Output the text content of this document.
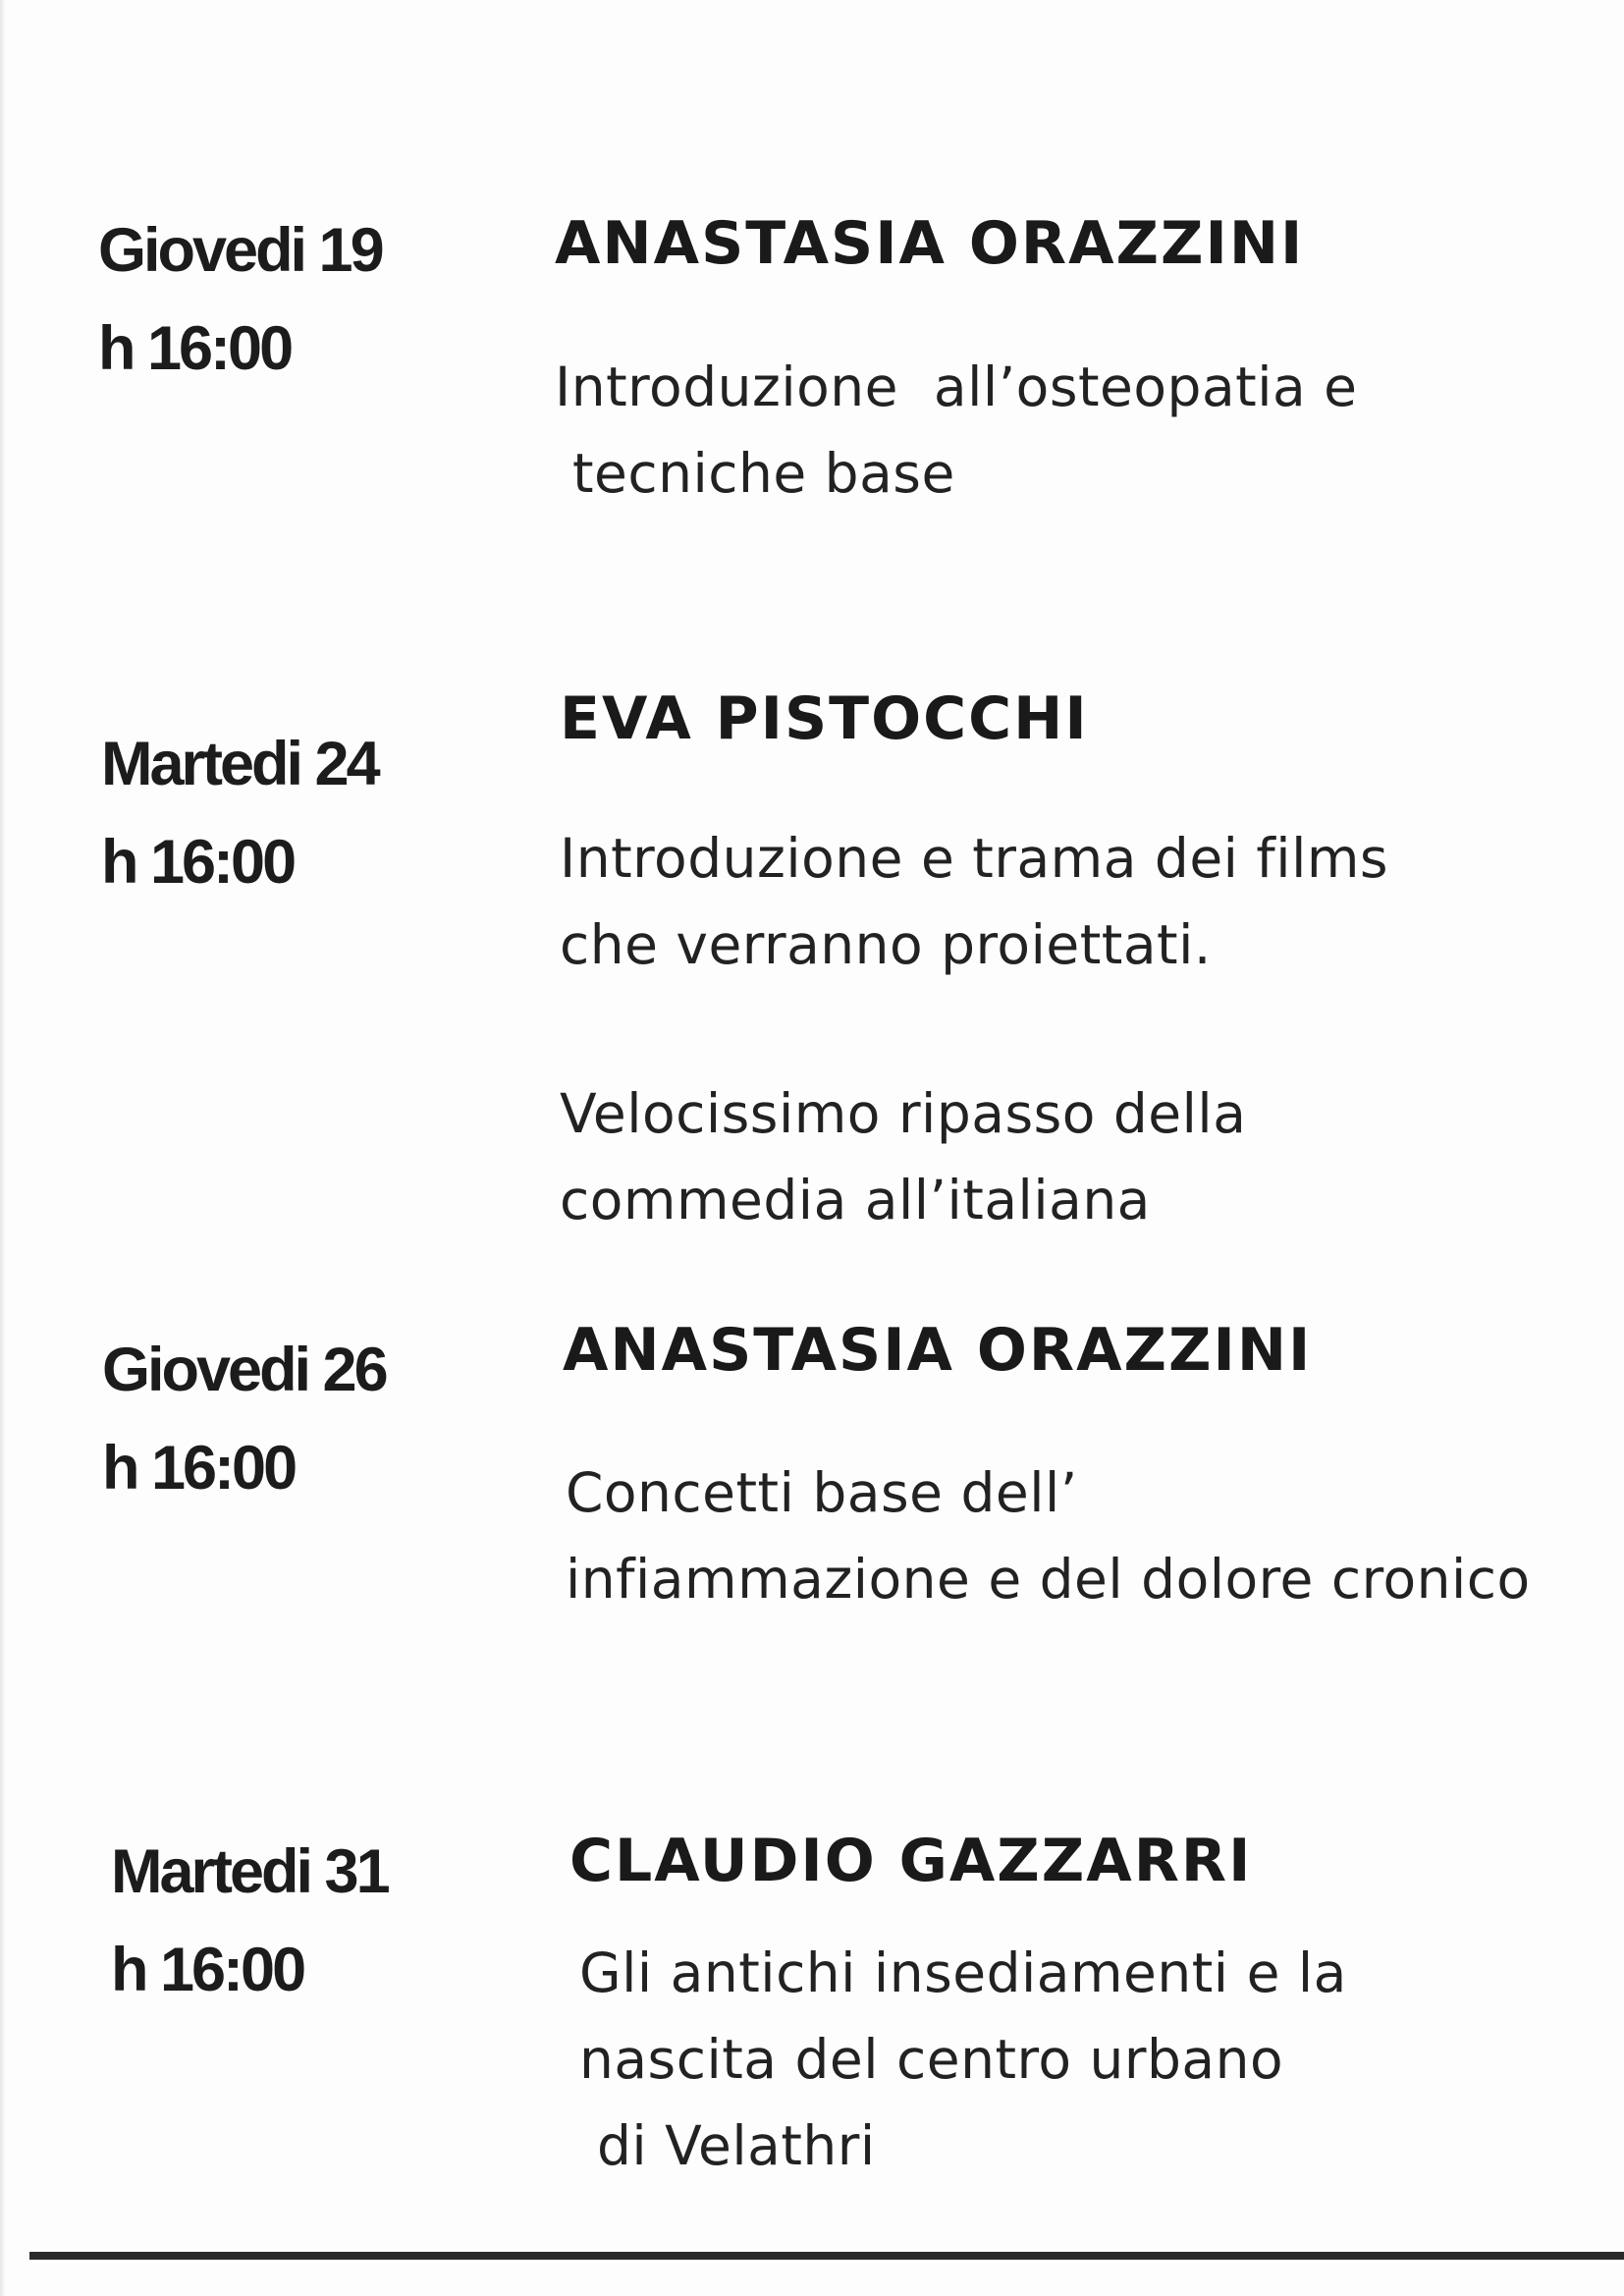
Giovedi 19
h 16:00
ANASTASIA ORAZZINI
Introduzione  all’osteopatia e
tecniche base
Martedi 24
h 16:00
EVA PISTOCCHI
Introduzione e trama dei films
che verranno proiettati.
Velocissimo ripasso della
commedia all’italiana
Giovedi 26
h 16:00
ANASTASIA ORAZZINI
Concetti base dell’
infiammazione e del dolore cronico
Martedi 31
h 16:00
CLAUDIO GAZZARRI
Gli antichi insediamenti e la
nascita del centro urbano
di Velathri
